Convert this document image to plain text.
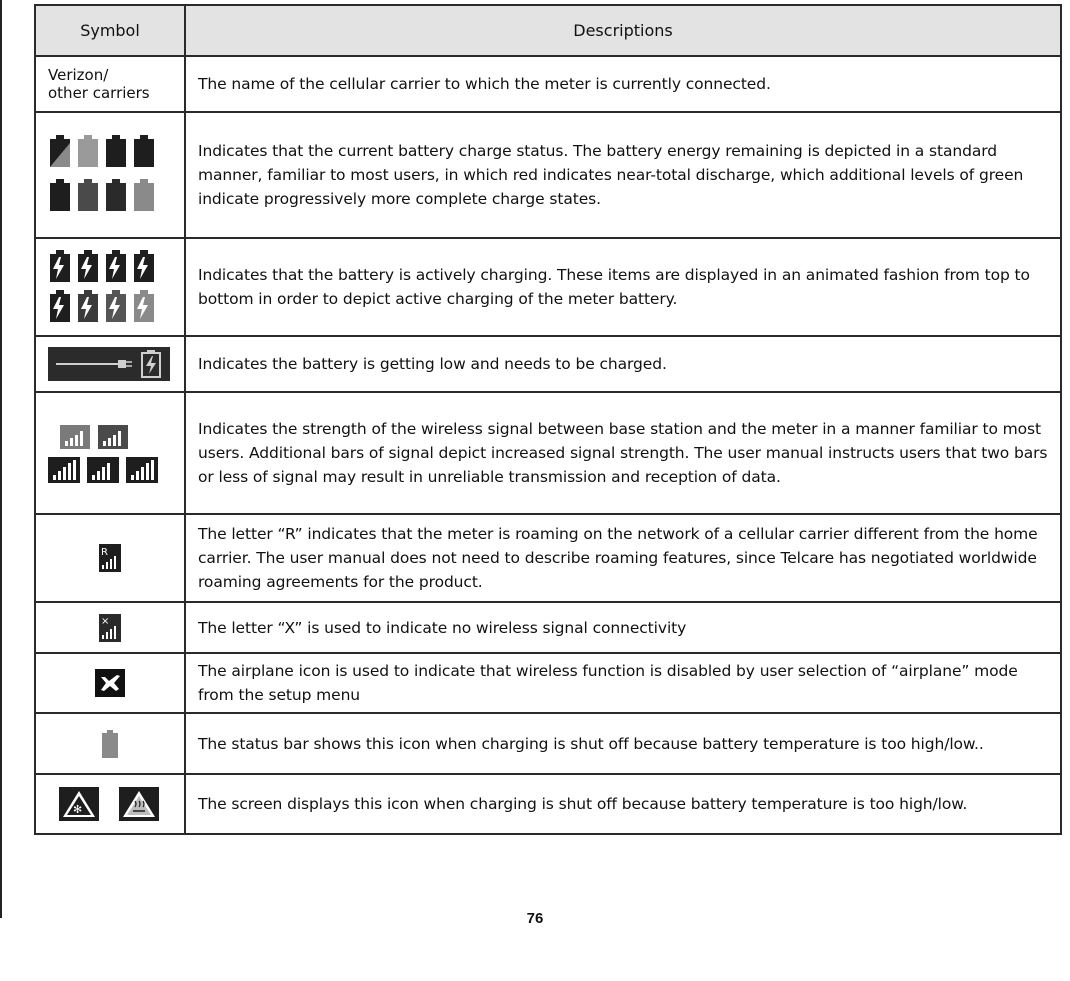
Symbol	Descriptions
Verizon/
other carriers	The name of the cellular carrier to which the meter is currently connected.

	Indicates that the current battery charge status. The battery energy remaining is depicted in a standard manner, familiar to most users, in which red indicates near-total discharge, which additional levels of green indicate progressively more complete charge states.

	Indicates that the battery is actively charging. These items are displayed in an animated fashion from top to bottom in order to depict active charging of the meter battery.

	Indicates the battery is getting low and needs to be charged.

	Indicates the strength of the wireless signal between base station and the meter in a manner familiar to most users. Additional bars of signal depict increased signal strength. The user manual instructs users that two bars or less of signal may result in unreliable transmission and reception of data.

R	The letter “R” indicates that the meter is roaming on the network of a cellular carrier different from the home carrier. The user manual does not need to describe roaming features, since Telcare has negotiated worldwide roaming agreements for the product.

×	The letter “X” is used to indicate no wireless signal connectivity

	The airplane icon is used to indicate that wireless function is disabled by user selection of “airplane” mode from the setup menu

	The status bar shows this icon when charging is shut off because battery temperature is too high/low..

✻	The screen displays this icon when charging is shut off because battery temperature is too high/low.
76
